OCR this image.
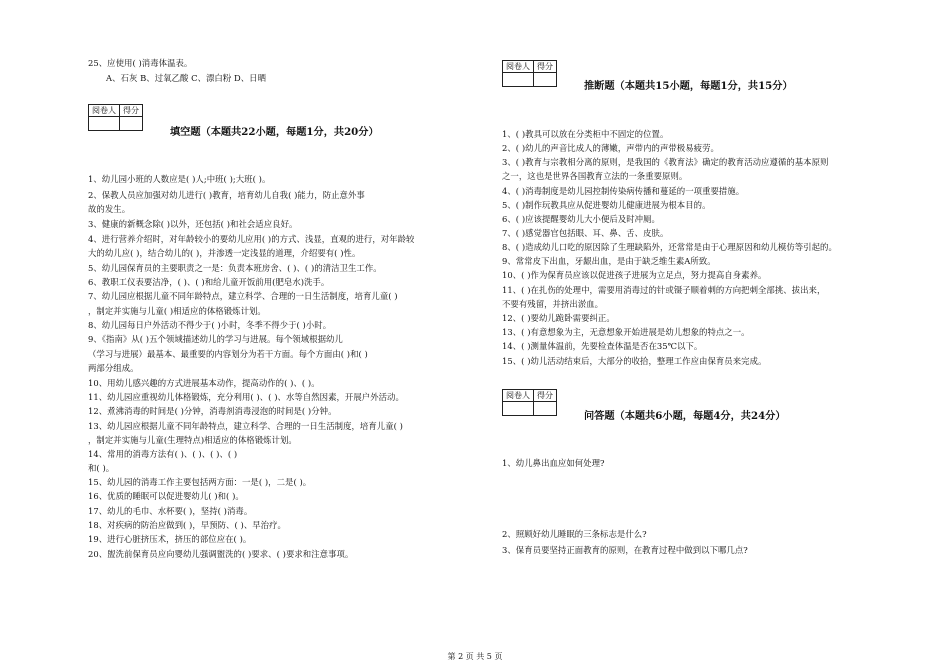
25、应使用( )消毒体温表。
A、石灰 B、过氧乙酸 C、漂白粉 D、日晒
阅卷人	得分

填空题（本题共22小题，每题1分，共20分）
1、幼儿园小班的人数应是( )人;中班( );大班( )。
2、保教人员应加强对幼儿进行( )教育，培育幼儿自我( )能力，防止意外事
故的发生。
3、健康的新概念除( )以外，还包括( )和社会适应良好。
4、进行营养介绍时，对年龄较小的要幼儿应用( )的方式、浅显，直观的进行，对年龄较
大的幼儿应( )，结合幼儿的( )，并渗透一定浅显的道理，介绍要有( )性。
5、幼儿园保育员的主要职责之一是：负责本班房舍、( )、( )的清洁卫生工作。
6、教职工仪表要洁净，( )、( )和给儿童开饭前用(肥皂水)洗手。
7、幼儿园应根据儿童不同年龄特点，建立科学、合理的一日生活制度，培育儿童( )
，制定并实施与儿童( )相适应的体格锻炼计划。
8、幼儿园每日户外活动不得少于( )小时，冬季不得少于( )小时。
9、《指南》从( )五个领域描述幼儿的学习与进展。每个领域根据幼儿
（学习与进展）最基本、最重要的内容划分为若干方面。每个方面由( )和( )
两部分组成。
10、用幼儿感兴趣的方式进展基本动作，提高动作的( )、( )。
11、幼儿园应重视幼儿体格锻炼，充分利用( )、( )、水等自然因素，开展户外活动。
12、煮沸消毒的时间是( )分钟，消毒剂消毒浸泡的时间是( )分钟。
13、幼儿园应根据儿童不同年龄特点，建立科学、合理的一日生活制度，培育儿童( )
，制定并实施与儿童(生理特点)相适应的体格锻炼计划。
14、常用的消毒方法有( )、( )、( )、( )
和( )。
15、幼儿园的消毒工作主要包括两方面：一是( )，二是( )。
16、优质的睡眠可以促进婴幼儿( )和( )。
17、幼儿的毛巾、水杯要( )，坚持( )消毒。
18、对疾病的防治应做到( )，早预防、( )、早治疗。
19、进行心脏挤压术，挤压的部位应在( )。
20、盥洗前保育员应向婴幼儿强调盥洗的( )要求、( )要求和注意事项。
阅卷人	得分

推断题（本题共15小题，每题1分，共15分）
1、( )教具可以放在分类柜中不固定的位置。
2、( )幼儿的声音比成人的薄嫩，声带内的声带极易疲劳。
3、( )教育与宗教相分离的原则，是我国的《教育法》确定的教育活动应遵循的基本原则
之一，这也是世界各国教育立法的一条重要原则。
4、( )消毒制度是幼儿园控制传染病传播和蔓延的一项重要措施。
5、( )制作玩教具应从促进婴幼儿健康进展为根本目的。
6、( )应该提醒婴幼儿大小便后及时冲厕。
7、( )感觉器官包括眼、耳、鼻、舌、皮肤。
8、( )造成幼儿口吃的原因除了生理缺陷外，还常常是由于心理原因和幼儿模仿等引起的。
9、常常皮下出血，牙龈出血，是由于缺乏维生素A所致。
10、( )作为保育员应该以促进孩子进展为立足点，努力提高自身素养。
11、( )在扎伤的处理中，需要用消毒过的针或镊子顺着刺的方向把刺全部挑、拔出来，
不要有残留，并挤出淤血。
12、( )要幼儿跪卧需要纠正。
13、( )有意想象为主，无意想象开始进展是幼儿想象的特点之一。
14、( )测量体温前，先要检查体温是否在35℃以下。
15、( )幼儿活动结束后，大部分的收拾，整理工作应由保育员来完成。
阅卷人	得分

问答题（本题共6小题，每题4分，共24分）
1、幼儿鼻出血应如何处理?
2、照顾好幼儿睡眠的三条标志是什么?
3、保育员要坚持正面教育的原则，在教育过程中做到以下哪几点?
第 2 页 共 5 页
